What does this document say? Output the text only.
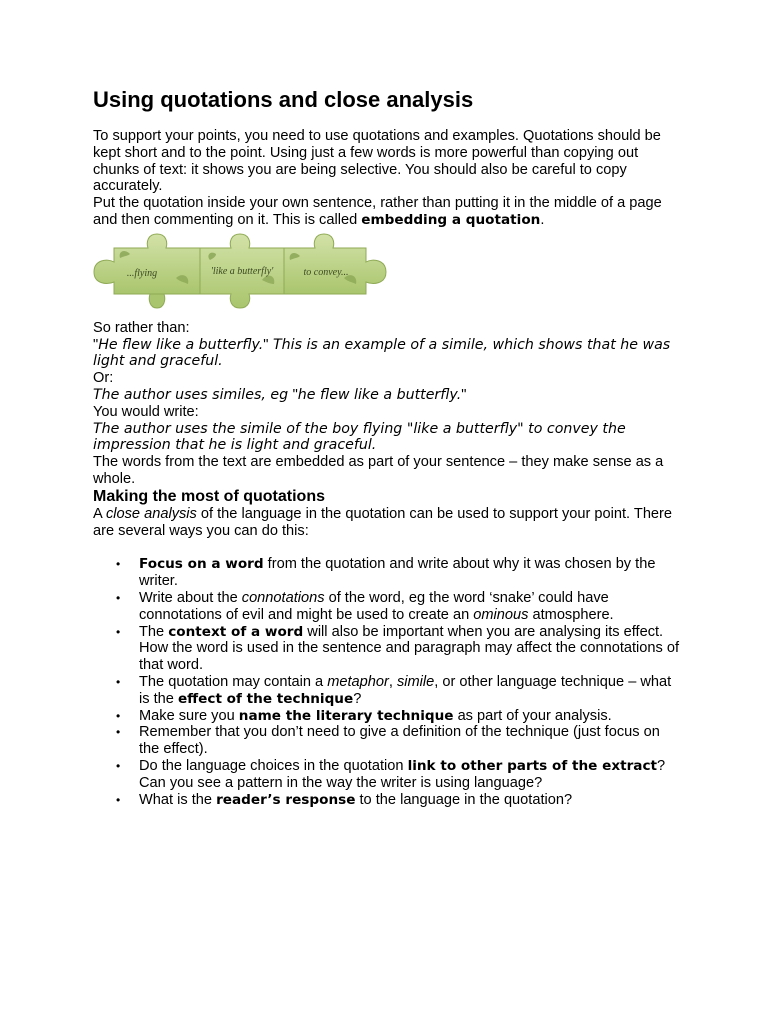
Using quotations and close analysis
...flying	'like a butterfly'	to convey...

To support your points, you need to use quotations and examples. Quotations should be kept short and to the point. Using just a few words is more powerful than copying out chunks of text: it shows you are being selective. You should also be careful to copy accurately.

Put the quotation inside your own sentence, rather than putting it in the middle of a page and then commenting on it. This is called embedding a quotation.

So rather than:

"He flew like a butterfly." This is an example of a simile, which shows that he was light and graceful.

Or:

The author uses similes, eg "he flew like a butterfly."

You would write:

The author uses the simile of the boy flying "like a butterfly" to convey the impression that he is light and graceful.

The words from the text are embedded as part of your sentence – they make sense as a whole.

Making the most of quotations

A close analysis of the language in the quotation can be used to support your point. There are several ways you can do this:

• Focus on a word from the quotation and write about why it was chosen by the writer.
• Write about the connotations of the word, eg the word ‘snake’ could have connotations of evil and might be used to create an ominous atmosphere.
• The context of a word will also be important when you are analysing its effect. How the word is used in the sentence and paragraph may affect the connotations of that word.
• The quotation may contain a metaphor, simile, or other language technique – what is the effect of the technique?
• Make sure you name the literary technique as part of your analysis.
• Remember that you don’t need to give a definition of the technique (just focus on the effect).
• Do the language choices in the quotation link to other parts of the extract? Can you see a pattern in the way the writer is using language?
• What is the reader’s response to the language in the quotation?
